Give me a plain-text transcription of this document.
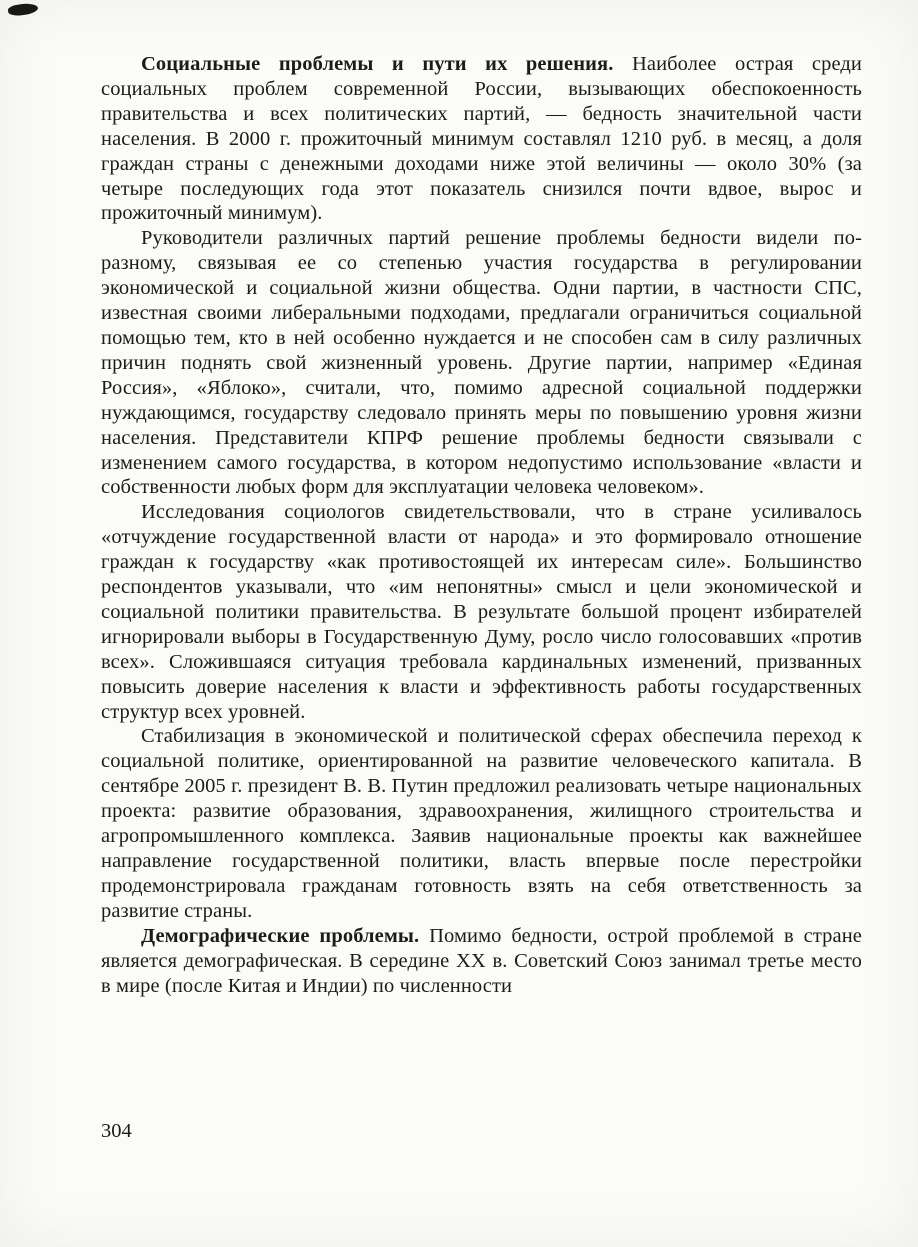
Социальные проблемы и пути их решения. Наиболее острая среди социальных проблем современной России, вызывающих обеспокоенность правительства и всех политических партий, — бедность значительной части населения. В 2000 г. прожиточный минимум составлял 1210 руб. в месяц, а доля граждан страны с денежными доходами ниже этой величины — около 30% (за четыре последующих года этот показатель снизился почти вдвое, вырос и прожиточный минимум).

Руководители различных партий решение проблемы бедности видели по-разному, связывая ее со степенью участия государства в регулировании экономической и социальной жизни общества. Одни партии, в частности СПС, известная своими либеральными подходами, предлагали ограничиться социальной помощью тем, кто в ней особенно нуждается и не способен сам в силу различных причин поднять свой жизненный уровень. Другие партии, например «Единая Россия», «Яблоко», считали, что, помимо адресной социальной поддержки нуждающимся, государству следовало принять меры по повышению уровня жизни населения. Представители КПРФ решение проблемы бедности связывали с изменением самого государства, в котором недопустимо использование «власти и собственности любых форм для эксплуатации человека человеком».

Исследования социологов свидетельствовали, что в стране усиливалось «отчуждение государственной власти от народа» и это формировало отношение граждан к государству «как противостоящей их интересам силе». Большинство респондентов указывали, что «им непонятны» смысл и цели экономической и социальной политики правительства. В результате большой процент избирателей игнорировали выборы в Государственную Думу, росло число голосовавших «против всех». Сложившаяся ситуация требовала кардинальных изменений, призванных повысить доверие населения к власти и эффективность работы государственных структур всех уровней.

Стабилизация в экономической и политической сферах обеспечила переход к социальной политике, ориентированной на развитие человеческого капитала. В сентябре 2005 г. президент В. В. Путин предложил реализовать четыре национальных проекта: развитие образования, здравоохранения, жилищного строительства и агропромышленного комплекса. Заявив национальные проекты как важнейшее направление государственной политики, власть впервые после перестройки продемонстрировала гражданам готовность взять на себя ответственность за развитие страны.

Демографические проблемы. Помимо бедности, острой проблемой в стране является демографическая. В середине XX в. Советский Союз занимал третье место в мире (после Китая и Индии) по численности

304
